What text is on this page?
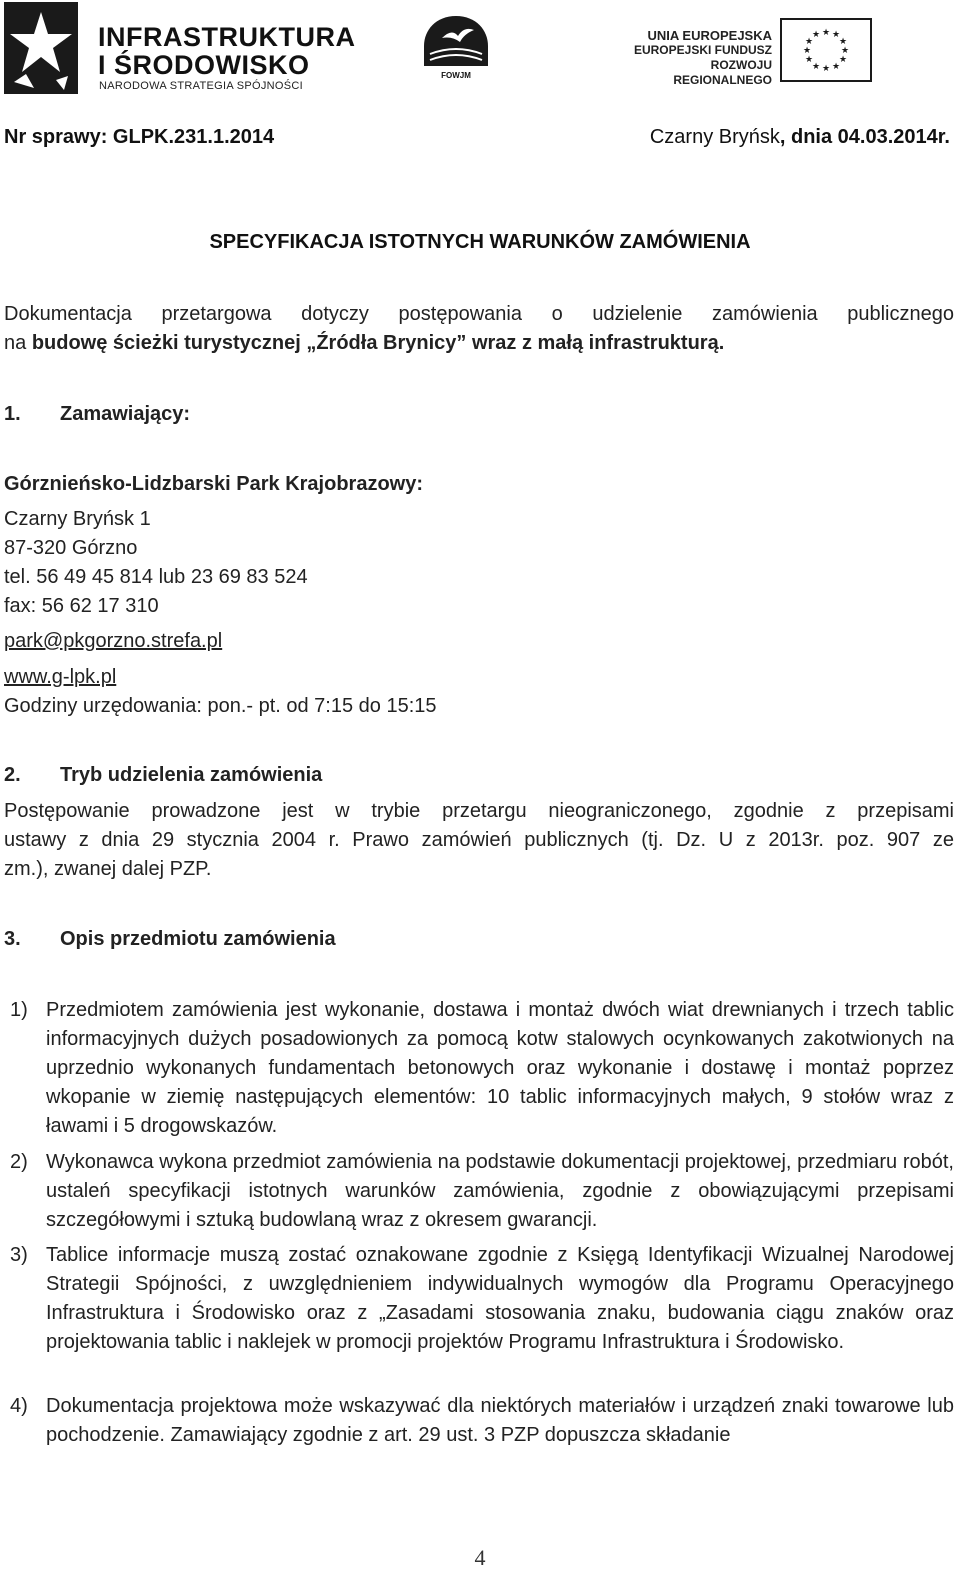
INFRASTRUKTURA
I ŚRODOWISKO
NARODOWA STRATEGIA SPÓJNOŚCI
FOWJM
UNIA EUROPEJSKA
EUROPEJSKI FUNDUSZ
ROZWOJU REGIONALNEGO
★ ★
★
★
★
★
★
★
★
★
★
★
Nr sprawy: GLPK.231.1.2014	Czarny Bryńsk, dnia 04.03.2014r.
SPECYFIKACJA ISTOTNYCH WARUNKÓW ZAMÓWIENIA
Dokumentacja przetargowa dotyczy postępowania o udzielenie zamówienia publicznego
na budowę ścieżki turystycznej „Źródła Brynicy” wraz z małą infrastrukturą.
1. Zamawiający:
Górznieńsko-Lidzbarski Park Krajobrazowy:
Czarny Bryńsk 1
87-320 Górzno
tel. 56 49 45 814 lub 23 69 83 524
fax: 56 62 17 310
park@pkgorzno.strefa.pl
www.g-lpk.pl
Godziny urzędowania: pon.- pt. od 7:15 do 15:15
2. Tryb udzielenia zamówienia
Postępowanie prowadzone jest w trybie przetargu nieograniczonego, zgodnie z przepisami
ustawy z dnia 29 stycznia 2004 r. Prawo zamówień publicznych (tj. Dz. U z 2013r. poz. 907 ze
zm.), zwanej dalej PZP.
3. Opis przedmiotu zamówienia
1) Przedmiotem zamówienia jest wykonanie, dostawa i montaż dwóch wiat drewnianych i trzech tablic informacyjnych dużych posadowionych za pomocą kotw stalowych ocynkowanych zakotwionych na uprzednio wykonanych fundamentach betonowych oraz wykonanie i dostawę i montaż poprzez wkopanie w ziemię następujących elementów: 10 tablic informacyjnych małych, 9 stołów wraz z ławami i 5 drogowskazów.
2) Wykonawca wykona przedmiot zamówienia na podstawie dokumentacji projektowej, przedmiaru robót, ustaleń specyfikacji istotnych warunków zamówienia, zgodnie z obowiązującymi przepisami szczegółowymi i sztuką budowlaną wraz z okresem gwarancji.
3) Tablice informacje muszą zostać oznakowane zgodnie z Księgą Identyfikacji Wizualnej Narodowej Strategii Spójności, z uwzględnieniem indywidualnych wymogów dla Programu Operacyjnego Infrastruktura i Środowisko oraz z „Zasadami stosowania znaku, budowania ciągu znaków oraz projektowania tablic i naklejek w promocji projektów Programu Infrastruktura i Środowisko.
4) Dokumentacja projektowa może wskazywać dla niektórych materiałów i urządzeń znaki towarowe lub pochodzenie. Zamawiający zgodnie z art. 29 ust. 3 PZP dopuszcza składanie
4
